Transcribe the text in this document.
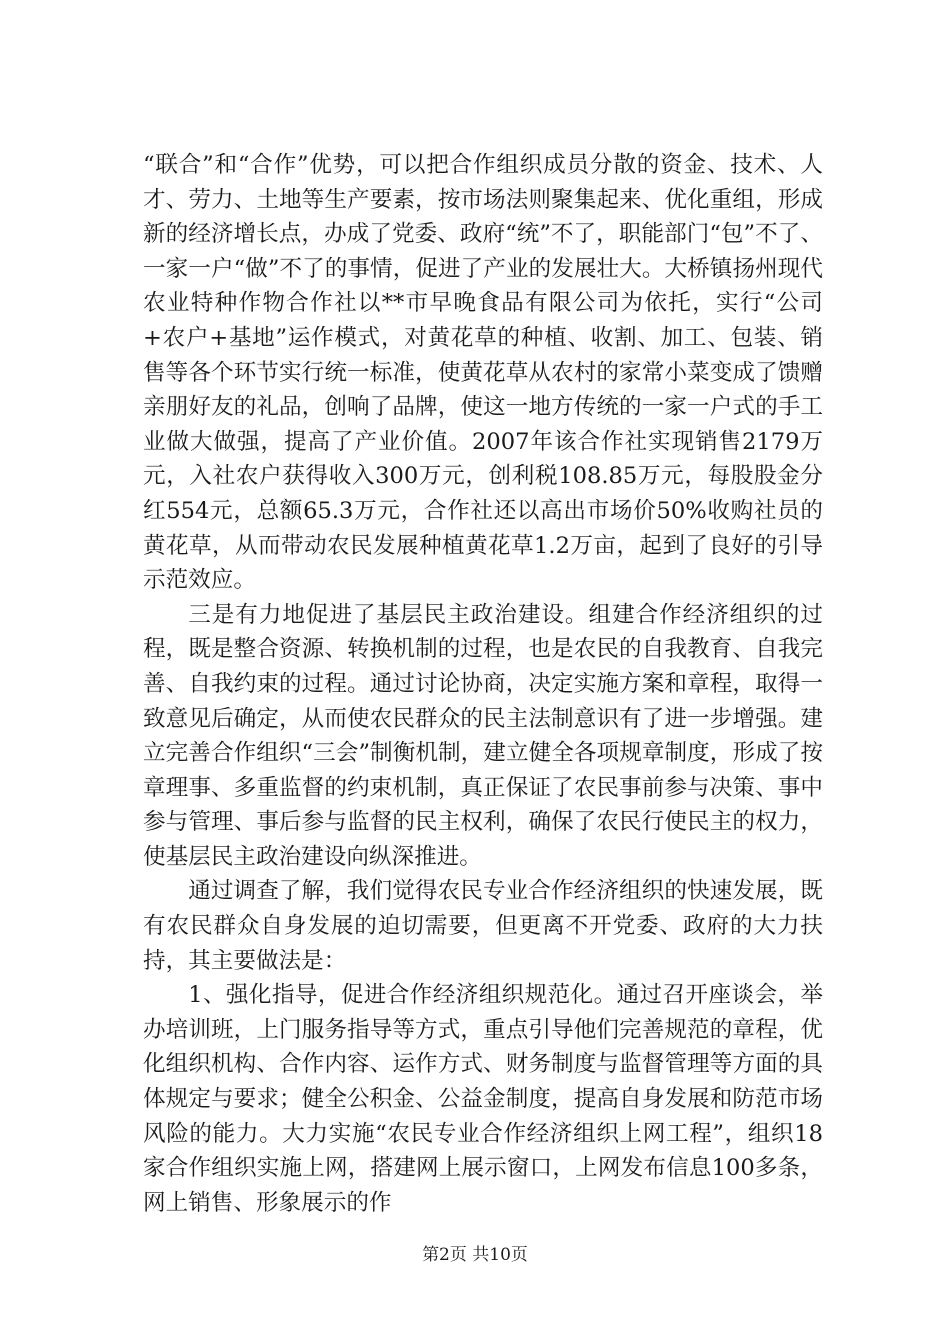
“联合”和“合作”优势，可以把合作组织成员分散的资金、技术、人才、劳力、土地等生产要素，按市场法则聚集起来、优化重组，形成新的经济增长点，办成了党委、政府“统”不了，职能部门“包”不了、一家一户“做”不了的事情，促进了产业的发展壮大。大桥镇扬州现代农业特种作物合作社以**市早晚食品有限公司为依托，实行“公司+农户+基地”运作模式，对黄花草的种植、收割、加工、包装、销售等各个环节实行统一标准，使黄花草从农村的家常小菜变成了馈赠亲朋好友的礼品，创响了品牌，使这一地方传统的一家一户式的手工业做大做强，提高了产业价值。2007年该合作社实现销售2179万元，入社农户获得收入300万元，创利税108.85万元，每股股金分红554元，总额65.3万元，合作社还以高出市场价50%收购社员的黄花草，从而带动农民发展种植黄花草1.2万亩，起到了良好的引导示范效应。

三是有力地促进了基层民主政治建设。组建合作经济组织的过程，既是整合资源、转换机制的过程，也是农民的自我教育、自我完善、自我约束的过程。通过讨论协商，决定实施方案和章程，取得一致意见后确定，从而使农民群众的民主法制意识有了进一步增强。建立完善合作组织“三会”制衡机制，建立健全各项规章制度，形成了按章理事、多重监督的约束机制，真正保证了农民事前参与决策、事中参与管理、事后参与监督的民主权利，确保了农民行使民主的权力，使基层民主政治建设向纵深推进。

通过调查了解，我们觉得农民专业合作经济组织的快速发展，既有农民群众自身发展的迫切需要，但更离不开党委、政府的大力扶持，其主要做法是：

1、强化指导，促进合作经济组织规范化。通过召开座谈会，举办培训班，上门服务指导等方式，重点引导他们完善规范的章程，优化组织机构、合作内容、运作方式、财务制度与监督管理等方面的具体规定与要求；健全公积金、公益金制度，提高自身发展和防范市场风险的能力。大力实施“农民专业合作经济组织上网工程”，组织18家合作组织实施上网，搭建网上展示窗口，上网发布信息100多条，网上销售、形象展示的作

第2页 共10页
